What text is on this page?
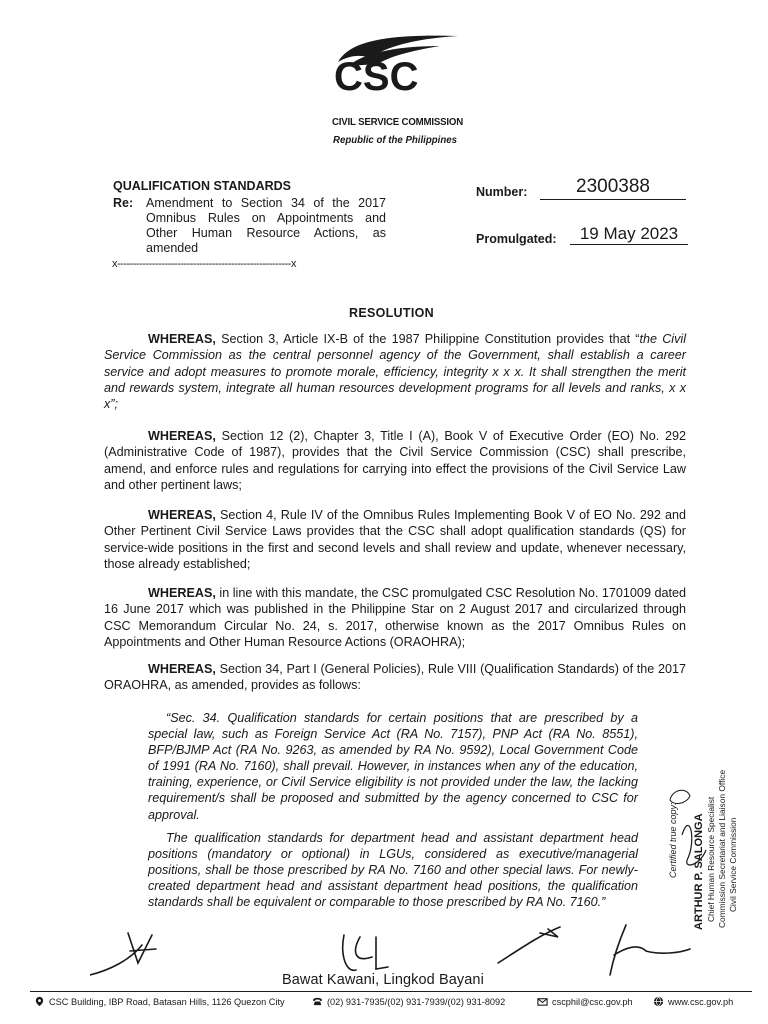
CSC
CIVIL SERVICE COMMISSION
Republic of the Philippines
QUALIFICATION STANDARDS
Re: Amendment to Section 34 of the 2017 Omnibus Rules on Appointments and Other Human Resource Actions, as amended
x-------------------------------------------------------x
Number:	2300388
Promulgated:	19 May 2023
RESOLUTION
WHEREAS, Section 3, Article IX-B of the 1987 Philippine Constitution provides that “the Civil Service Commission as the central personnel agency of the Government, shall establish a career service and adopt measures to promote morale, efficiency, integrity x x x. It shall strengthen the merit and rewards system, integrate all human resources development programs for all levels and ranks, x x x”;
WHEREAS, Section 12 (2), Chapter 3, Title I (A), Book V of Executive Order (EO) No. 292 (Administrative Code of 1987), provides that the Civil Service Commission (CSC) shall prescribe, amend, and enforce rules and regulations for carrying into effect the provisions of the Civil Service Law and other pertinent laws;
WHEREAS, Section 4, Rule IV of the Omnibus Rules Implementing Book V of EO No. 292 and Other Pertinent Civil Service Laws provides that the CSC shall adopt qualification standards (QS) for service-wide positions in the first and second levels and shall review and update, whenever necessary, those already established;
WHEREAS, in line with this mandate, the CSC promulgated CSC Resolution No. 1701009 dated 16 June 2017 which was published in the Philippine Star on 2 August 2017 and circularized through CSC Memorandum Circular No. 24, s. 2017, otherwise known as the 2017 Omnibus Rules on Appointments and Other Human Resource Actions (ORAOHRA);
WHEREAS, Section 34, Part I (General Policies), Rule VIII (Qualification Standards) of the 2017 ORAOHRA, as amended, provides as follows:
“Sec. 34. Qualification standards for certain positions that are prescribed by a special law, such as Foreign Service Act (RA No. 7157), PNP Act (RA No. 8551), BFP/BJMP Act (RA No. 9263, as amended by RA No. 9592), Local Government Code of 1991 (RA No. 7160), shall prevail. However, in instances when any of the education, training, experience, or Civil Service eligibility is not provided under the law, the lacking requirement/s shall be proposed and submitted by the agency concerned to CSC for approval.
The qualification standards for department head and assistant department head positions (mandatory or optional) in LGUs, considered as executive/managerial positions, shall be those prescribed by RA No. 7160 and other special laws. For newly-created department head and assistant department head positions, the qualification standards shall be equivalent or comparable to those prescribed by RA No. 7160.”
Certified true copy: ARTHUR P. SALONGA Chief Human Resource Specialist Commission Secretariat and Liaison Office Civil Service Commission
Bawat Kawani, Lingkod Bayani
CSC Building, IBP Road, Batasan Hills, 1126 Quezon City	(02) 931-7935/(02) 931-7939/(02) 931-8092	cscphil@csc.gov.ph	www.csc.gov.ph
